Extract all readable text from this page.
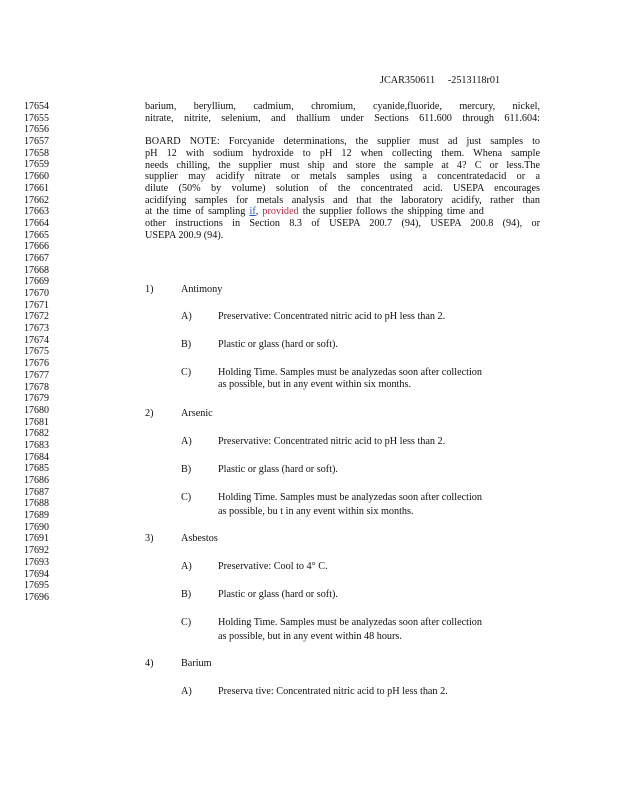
JCAR350611 -2513118r01
17654
17655
17656
17657
17658
17659
17660
17661
17662
17663
17664
17665
17666
17667
17668
17669
17670
17671
17672
17673
17674
17675
17676
17677
17678
17679
17680
17681
17682
17683
17684
17685
17686
17687
17688
17689
17690
17691
17692
17693
17694
17695
17696
barium, beryllium, cadmium, chromium, cyanide,fluoride, mercury, nickel,
nitrate, nitrite, selenium, and thallium under Sections 611.600 through 611.604:
BOARD NOTE: Forcyanide determinations, the supplier must ad just samples to
pH 12 with sodium hydroxide to pH 12 when collecting them. Whena sample
needs chilling, the supplier must ship and store the sample at 4? C or less.The
supplier may acidify nitrate or metals samples using a concentratedacid or a
dilute (50% by volume) solution of the concentrated acid. USEPA encourages
acidifying samples for metals analysis and that the laboratory acidify, rather than
at the time of sampling if, provided the supplier follows the shipping time and
other instructions in Section 8.3 of USEPA 200.7 (94), USEPA 200.8 (94), or
USEPA 200.9 (94).
1)	Antimony
A)	Preservative: Concentrated nitric acid to pH less than 2.
B)	Plastic or glass (hard or soft).
C)	Holding Time. Samples must be analyzedas soon after collection
as possible, but in any event within six months.
2)	Arsenic
A)	Preservative: Concentrated nitric acid to pH less than 2.
B)	Plastic or glass (hard or soft).
C)	Holding Time. Samples must be analyzedas soon after collection
as possible, bu t in any event within six months.
3)	Asbestos
A)	Preservative: Cool to 4° C.
B)	Plastic or glass (hard or soft).
C)	Holding Time. Samples must be analyzedas soon after collection
as possible, but in any event within 48 hours.
4)	Barium
A)	Preserva tive: Concentrated nitric acid to pH less than 2.
